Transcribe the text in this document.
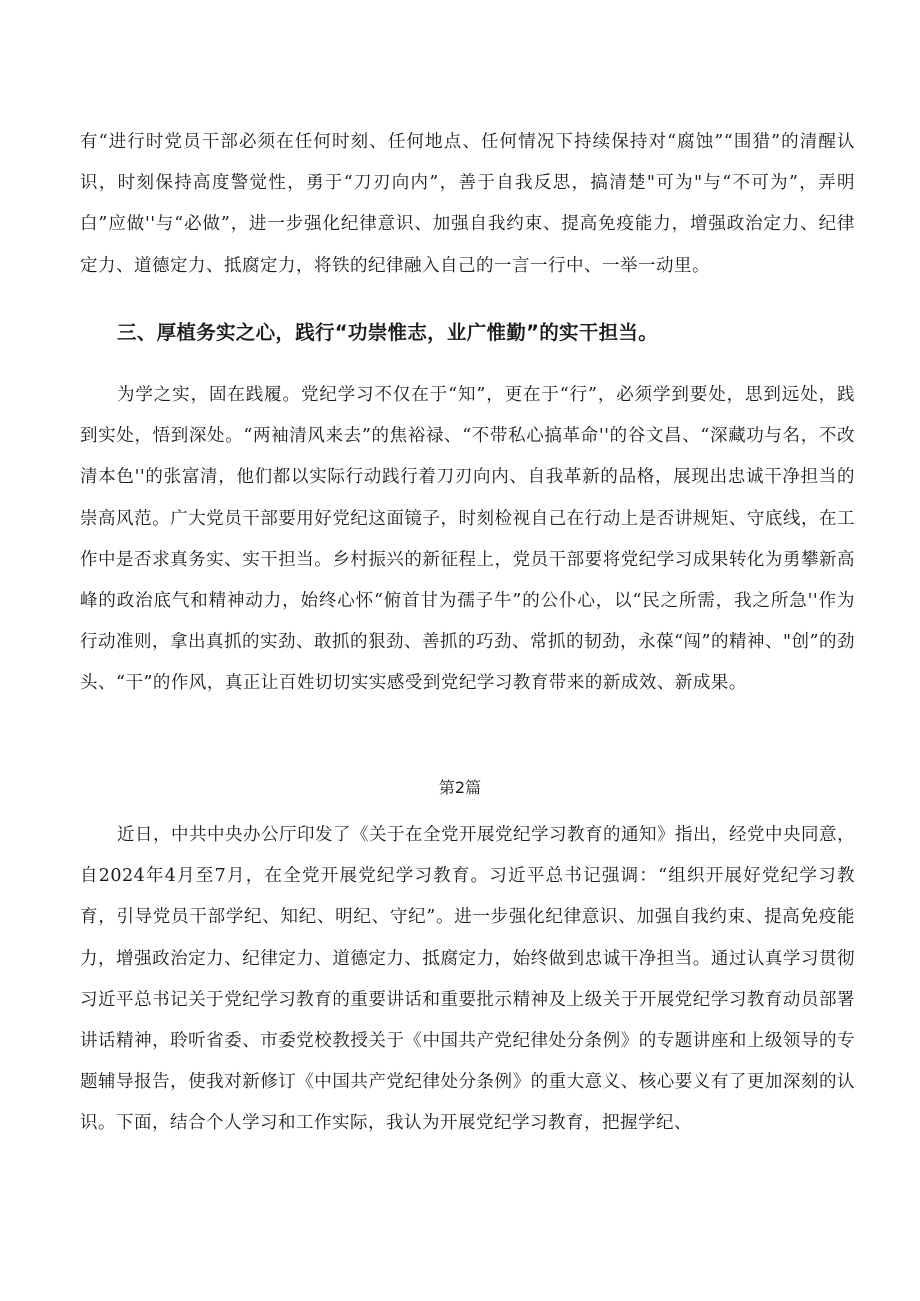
有“进行时党员干部必须在任何时刻、任何地点、任何情况下持续保持对“腐蚀”“围猎”的清醒认识，时刻保持高度警觉性，勇于“刀刃向内”，善于自我反思，搞清楚"可为"与“不可为”，弄明白”应做''与“必做”，进一步强化纪律意识、加强自我约束、提高免疫能力，增强政治定力、纪律定力、道德定力、抵腐定力，将铁的纪律融入自己的一言一行中、一举一动里。

三、厚植务实之心，践行“功崇惟志，业广惟勤”的实干担当。

为学之实，固在践履。党纪学习不仅在于“知”，更在于“行”，必须学到要处，思到远处，践到实处，悟到深处。“两袖清风来去”的焦裕禄、“不带私心搞革命''的谷文昌、“深藏功与名，不改清本色''的张富清，他们都以实际行动践行着刀刃向内、自我革新的品格，展现出忠诚干净担当的崇高风范。广大党员干部要用好党纪这面镜子，时刻检视自己在行动上是否讲规矩、守底线，在工作中是否求真务实、实干担当。乡村振兴的新征程上，党员干部要将党纪学习成果转化为勇攀新高峰的政治底气和精神动力，始终心怀“俯首甘为孺子牛”的公仆心，以“民之所需，我之所急''作为行动准则，拿出真抓的实劲、敢抓的狠劲、善抓的巧劲、常抓的韧劲，永葆“闯”的精神、"创”的劲头、“干”的作风，真正让百姓切切实实感受到党纪学习教育带来的新成效、新成果。

第2篇

近日，中共中央办公厅印发了《关于在全党开展党纪学习教育的通知》指出，经党中央同意，自2024年4月至7月，在全党开展党纪学习教育。习近平总书记强调：“组织开展好党纪学习教育，引导党员干部学纪、知纪、明纪、守纪”。进一步强化纪律意识、加强自我约束、提高免疫能力，增强政治定力、纪律定力、道德定力、抵腐定力，始终做到忠诚干净担当。通过认真学习贯彻习近平总书记关于党纪学习教育的重要讲话和重要批示精神及上级关于开展党纪学习教育动员部署讲话精神，聆听省委、市委党校教授关于《中国共产党纪律处分条例》的专题讲座和上级领导的专题辅导报告，使我对新修订《中国共产党纪律处分条例》的重大意义、核心要义有了更加深刻的认识。下面，结合个人学习和工作实际，我认为开展党纪学习教育，把握学纪、
